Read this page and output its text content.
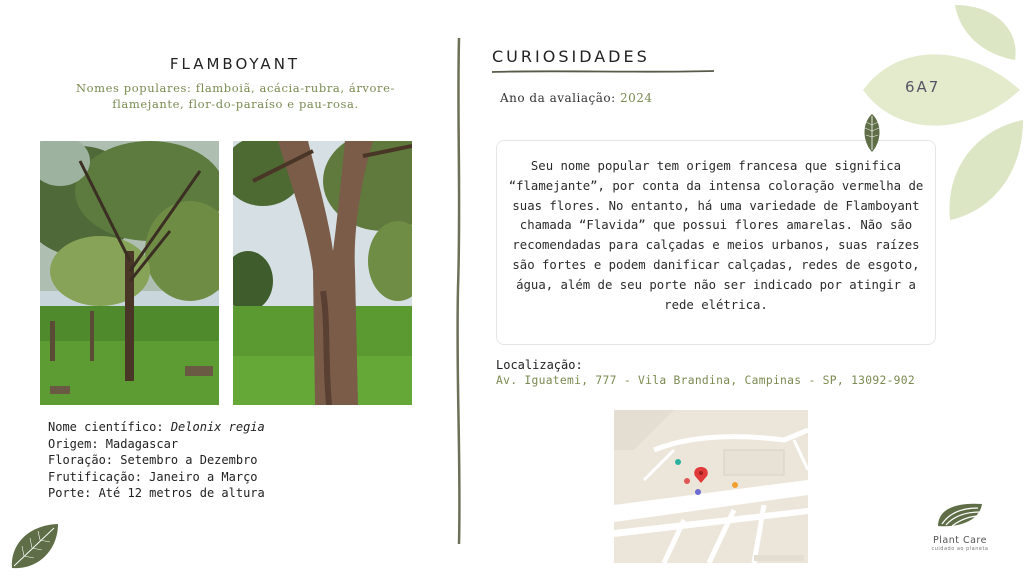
FLAMBOYANT
Nomes populares: flamboiã, acácia-rubra, árvore-flamejante, flor-do-paraíso e pau-rosa.
Nome científico: Delonix regia
Origem: Madagascar
Floração: Setembro a Dezembro
Frutificação: Janeiro a Março
Porte: Até 12 metros de altura
CURIOSIDADES
Ano da avaliação: 2024
Seu nome popular tem origem francesa que significa “flamejante”, por conta da intensa coloração vermelha de suas flores. No entanto, há uma variedade de Flamboyant chamada “Flavida” que possui flores amarelas. Não são recomendadas para calçadas e meios urbanos, suas raízes são fortes e podem danificar calçadas, redes de esgoto, água, além de seu porte não ser indicado por atingir a rede elétrica.
Localização:
Av. Iguatemi, 777 - Vila Brandina, Campinas - SP, 13092-902
6A7
Plant Care
cuidado ao planeta
